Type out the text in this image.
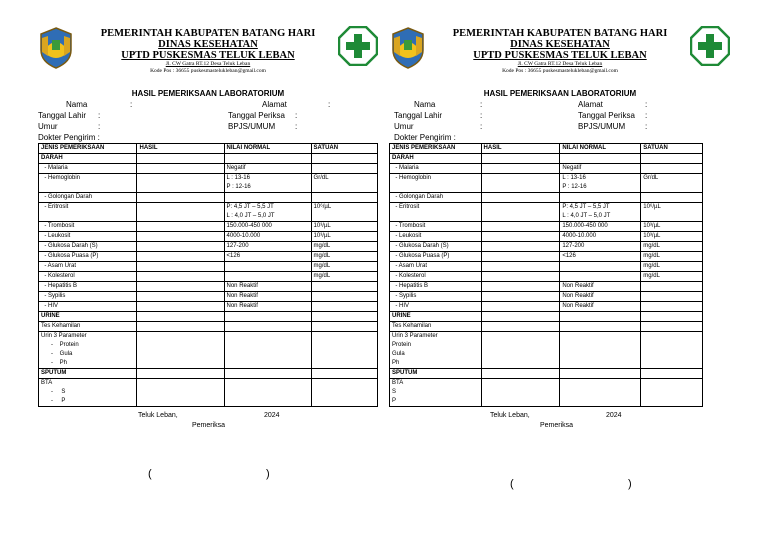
PEMERINTAH KABUPATEN BATANG HARI
DINAS KESEHATAN
UPTD PUSKESMAS TELUK LEBAN
Jl. CW Gatra RT.12 Desa Teluk Leban
Kode Pos : 36655 puskesmastelukleban@gmail.com
HASIL PEMERIKSAAN LABORATORIUM
Nama	:	Alamat	:
Tanggal Lahir :	Tanggal Periksa :
Umur	:	BPJS/UMUM :
Dokter Pengirim :
JENIS PEMERIKSAAN	HASIL	NILAI NORMAL	SATUAN
DARAH			
- Malaria		Negatif	
- Hemoglobin		L : 13-16
P : 12-16	Gr/dL
- Golongan Darah			
- Eritrosit		P: 4,5 JT – 5,5 JT
L : 4,0 JT – 5,0 JT	10⁶/µL
- Trombosit		150.000-450 000	10³/µL
- Leukosit		4000-10.000	10³/µL
- Glukosa Darah (S)		127-200	mg/dL
- Glukosa Puasa (P)		<126	mg/dL
- Asam Urat			mg/dL
- Kolesterol			mg/dL
- Hepatitis B		Non Reaktif	
- Sypilis		Non Reaktif	
- HIV		Non Reaktif	
URINE			
Tes Kehamilan			
Urin 3 Parameter
-    Protein
-    Gula
-    Ph			
SPUTUM			
BTA
-     S
-     P			
Teluk Leban,	2024
Pemeriksa
(	)
PEMERINTAH KABUPATEN BATANG HARI
DINAS KESEHATAN
UPTD PUSKESMAS TELUK LEBAN
Jl. CW Gatra RT.12 Desa Teluk Leban
Kode Pos : 36655 puskesmastelukleban@gmail.com
HASIL PEMERIKSAAN LABORATORIUM
Nama	:	Alamat	:
Tanggal Lahir	:	Tanggal Periksa :
Umur	:	BPJS/UMUM :
Dokter Pengirim :
JENIS PEMERIKSAAN	HASIL	NILAI NORMAL	SATUAN
DARAH			
- Malaria		Negatif	
- Hemoglobin		L : 13-16
P : 12-16	Gr/dL
- Golongan Darah			
- Eritrosit		P: 4,5 JT – 5,5 JT
L : 4,0 JT – 5,0 JT	10⁶/µL
- Trombosit		150.000-450 000	10³/µL
- Leukosit		4000-10.000	10³/µL
- Glukosa Darah (S)		127-200	mg/dL
- Glukosa Puasa (P)		<126	mg/dL
- Asam Urat			mg/dL
- Kolesterol			mg/dL
- Hepatitis B		Non Reaktif	
- Sypilis		Non Reaktif	
- HIV		Non Reaktif	
URINE			
Tes Kehamilan			
Urin 3 Parameter
Protein
Gula
Ph			
SPUTUM			
BTA
S
P			
Teluk Leban,	2024
Pemeriksa
(	)
